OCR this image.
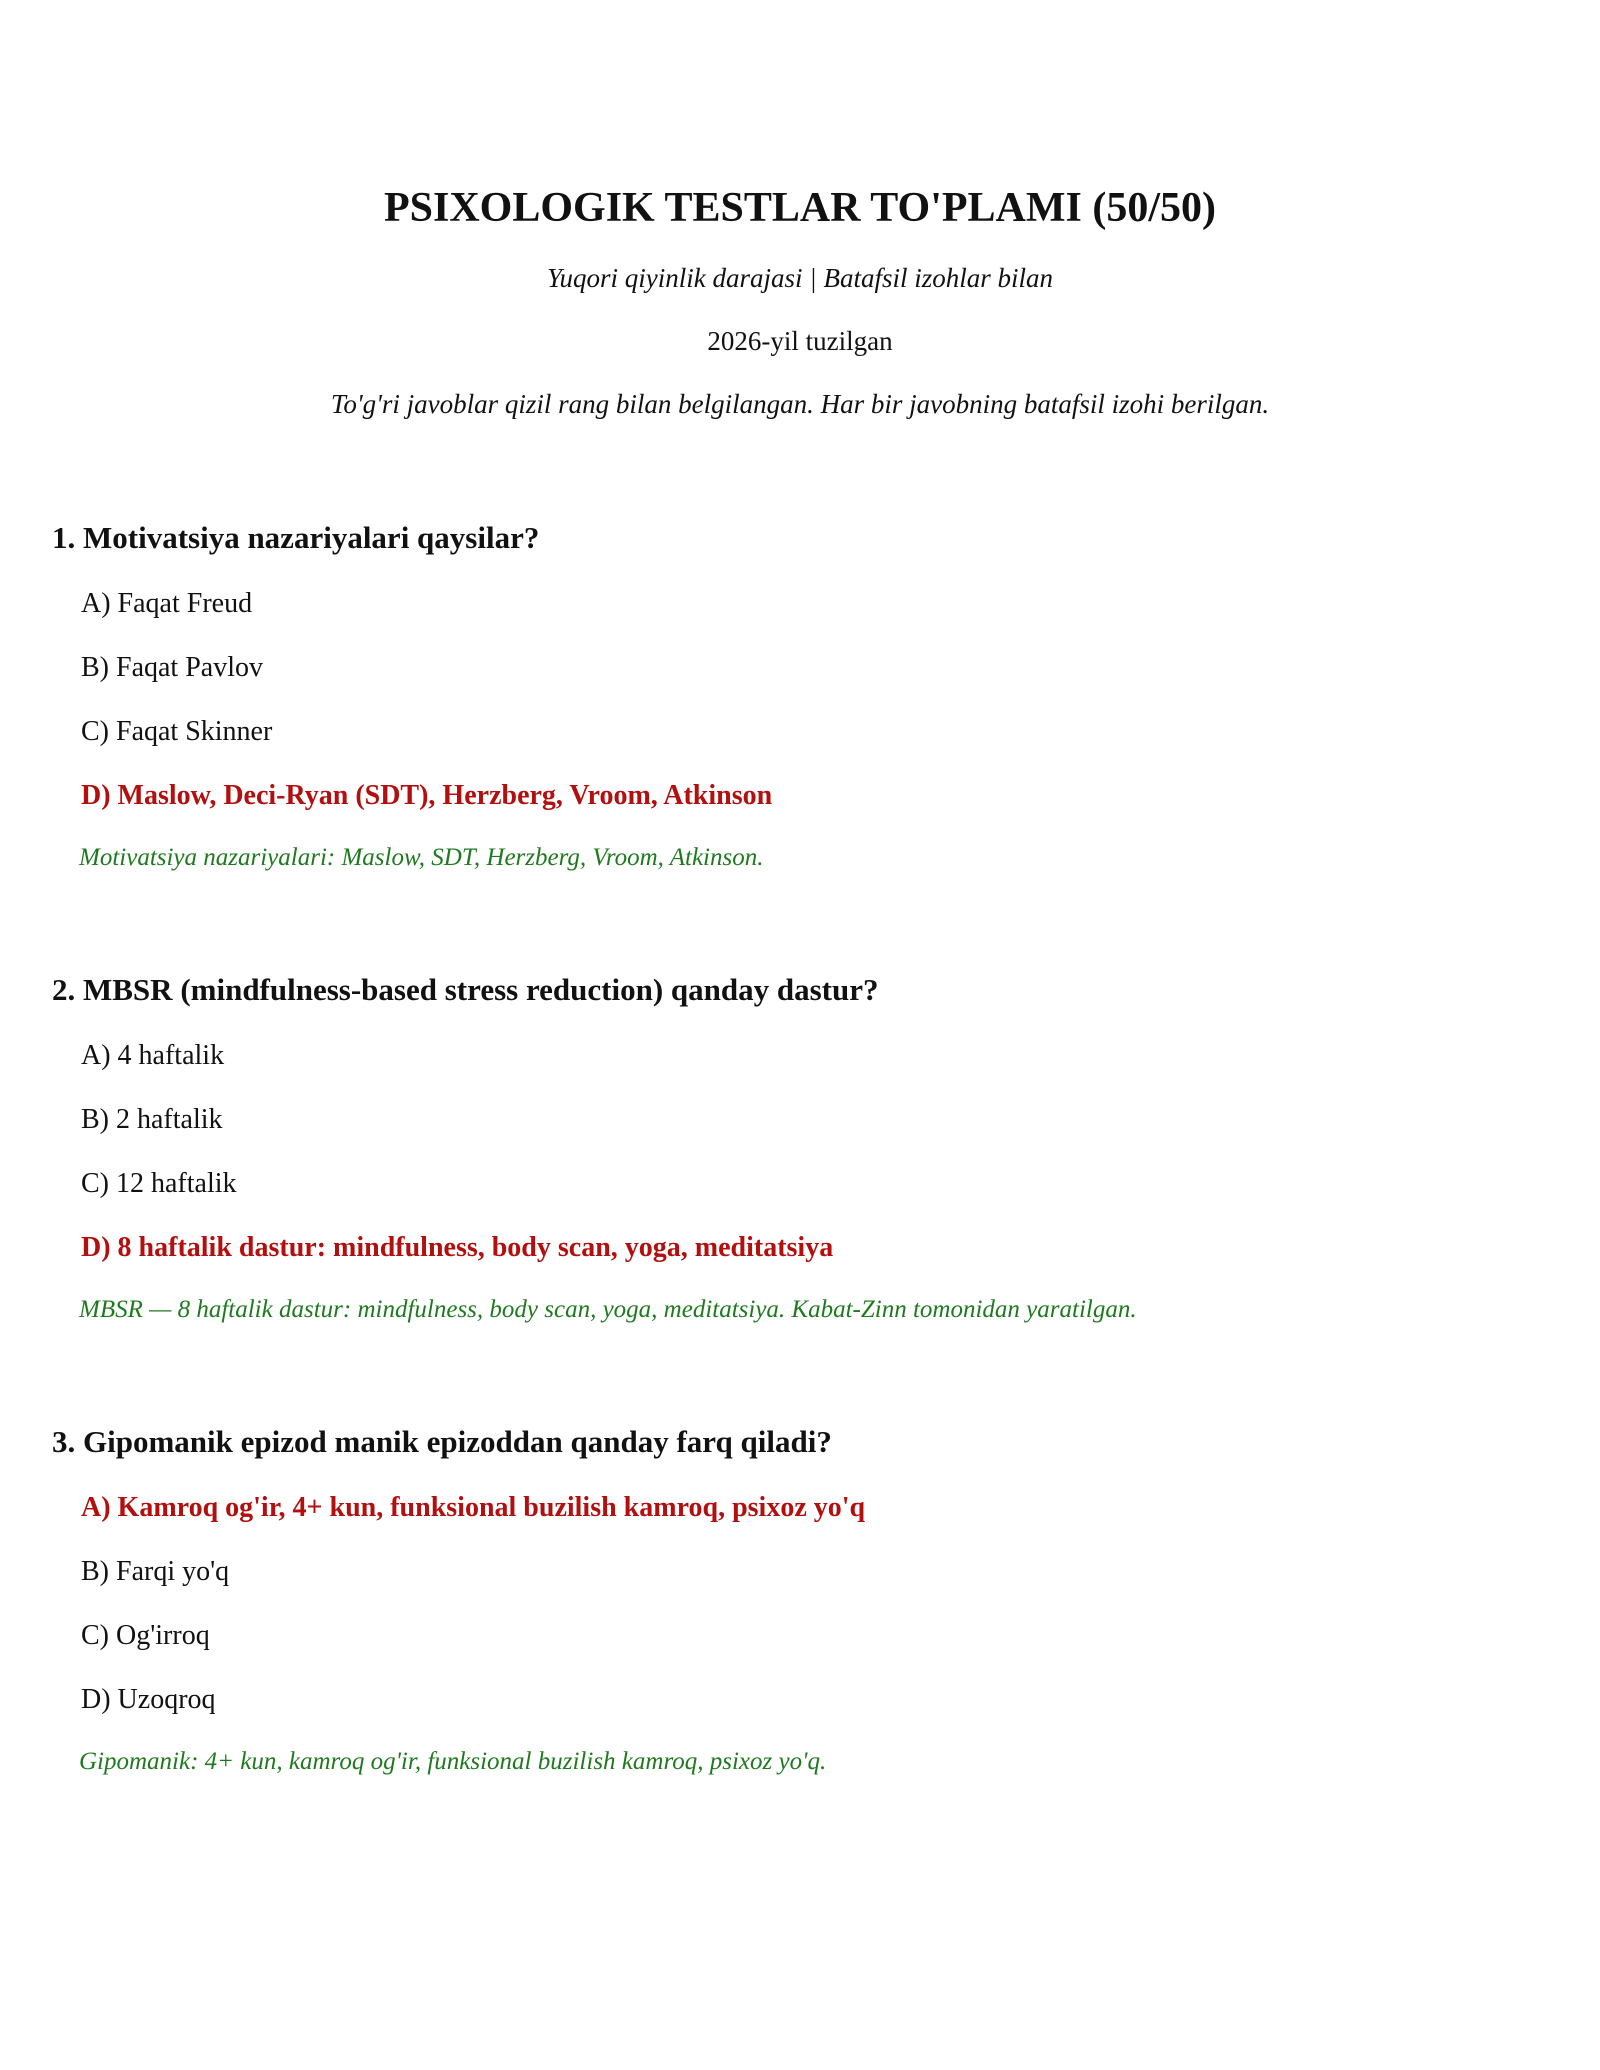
PSIXOLOGIK TESTLAR TO'PLAMI (50/50)
Yuqori qiyinlik darajasi | Batafsil izohlar bilan
2026-yil tuzilgan
To'g'ri javoblar qizil rang bilan belgilangan. Har bir javobning batafsil izohi berilgan.
1. Motivatsiya nazariyalari qaysilar?
A) Faqat Freud
B) Faqat Pavlov
C) Faqat Skinner
D) Maslow, Deci-Ryan (SDT), Herzberg, Vroom, Atkinson
Motivatsiya nazariyalari: Maslow, SDT, Herzberg, Vroom, Atkinson.
2. MBSR (mindfulness-based stress reduction) qanday dastur?
A) 4 haftalik
B) 2 haftalik
C) 12 haftalik
D) 8 haftalik dastur: mindfulness, body scan, yoga, meditatsiya
MBSR — 8 haftalik dastur: mindfulness, body scan, yoga, meditatsiya. Kabat-Zinn tomonidan yaratilgan.
3. Gipomanik epizod manik epizoddan qanday farq qiladi?
A) Kamroq og'ir, 4+ kun, funksional buzilish kamroq, psixoz yo'q
B) Farqi yo'q
C) Og'irroq
D) Uzoqroq
Gipomanik: 4+ kun, kamroq og'ir, funksional buzilish kamroq, psixoz yo'q.
